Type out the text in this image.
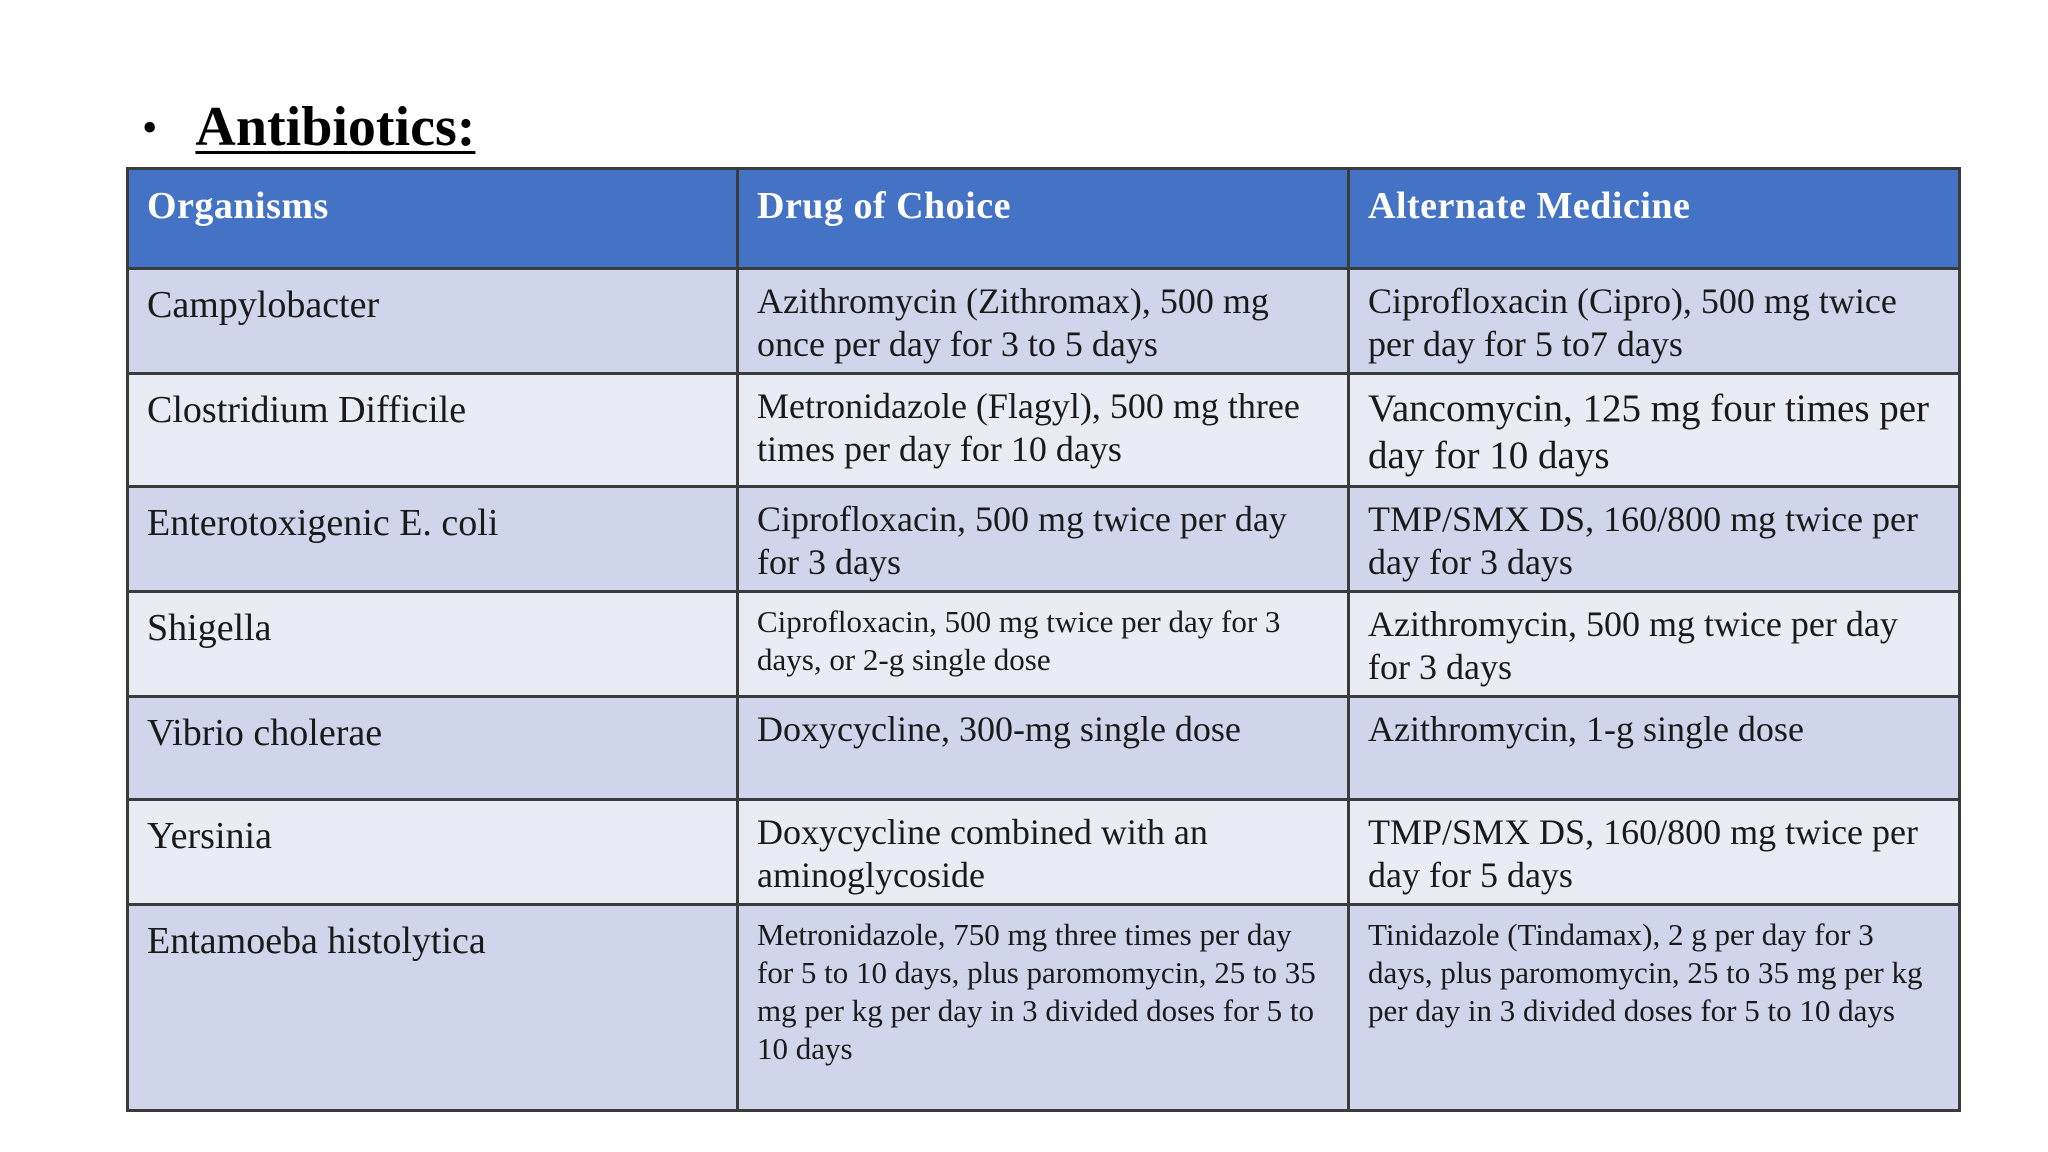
• Antibiotics:
Organisms	Drug of Choice	Alternate Medicine
Campylobacter	Azithromycin (Zithromax), 500 mg once per day for 3 to 5 days	Ciprofloxacin (Cipro), 500 mg twice per day for 5 to7 days
Clostridium Difficile	Metronidazole (Flagyl), 500 mg three times per day for 10 days	Vancomycin, 125 mg four times per day for 10 days
Enterotoxigenic E. coli	Ciprofloxacin, 500 mg twice per day for 3 days	TMP/SMX DS, 160/800 mg twice per day for 3 days
Shigella	Ciprofloxacin, 500 mg twice per day for 3 days, or 2-g single dose	Azithromycin, 500 mg twice per day for 3 days
Vibrio cholerae	Doxycycline, 300-mg single dose	Azithromycin, 1-g single dose
Yersinia	Doxycycline combined with an aminoglycoside	TMP/SMX DS, 160/800 mg twice per day for 5 days
Entamoeba histolytica	Metronidazole, 750 mg three times per day for 5 to 10 days, plus paromomycin, 25 to 35 mg per kg per day in 3 divided doses for 5 to 10 days	Tinidazole (Tindamax), 2 g per day for 3 days, plus paromomycin, 25 to 35 mg per kg per day in 3 divided doses for 5 to 10 days
